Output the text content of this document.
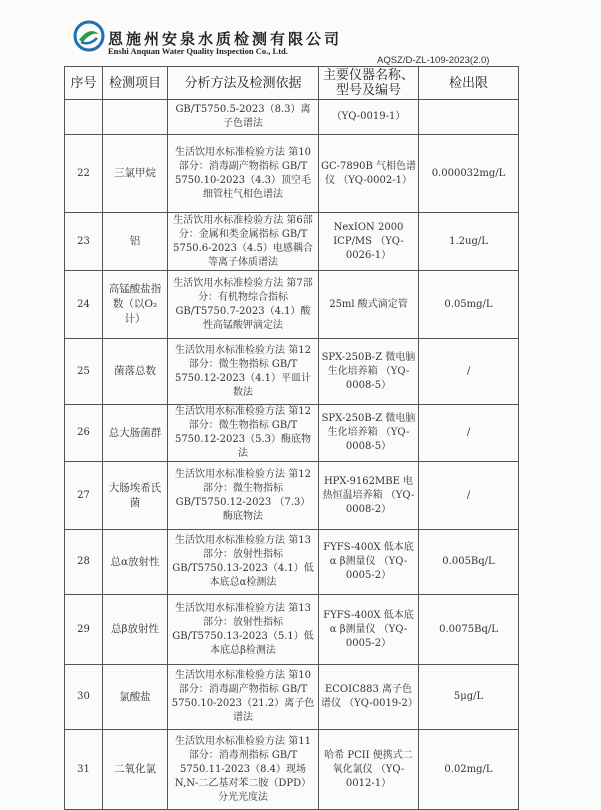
恩施州安泉水质检测有限公司
Enshi Anquan Water Quality Inspection Co., Ltd.
AQSZ/D-ZL-109-2023(2.0)
序号	检测项目	分析方法及检测依据	主要仪器名称、型号及编号	检出限
		GB/T5750.5-2023（8.3）离子色谱法	（YQ-0019-1）	
22	三氯甲烷	生活饮用水标准检验方法 第10部分：消毒副产物指标 GB/T 5750.10-2023（4.3）顶空毛细管柱气相色谱法	GC-7890B 气相色谱仪 （YQ-0002-1）	0.000032mg/L
23	铝	生活饮用水标准检验方法 第6部分：金属和类金属指标 GB/T 5750.6-2023（4.5）电感耦合等离子体质谱法	NexION 2000 ICP/MS （YQ-0026-1）	1.2ug/L
24	高锰酸盐指数（以O₂计）	生活饮用水标准检验方法 第7部分：有机物综合指标 GB/T5750.7-2023（4.1）酸性高锰酸钾滴定法	25ml 酸式滴定管	0.05mg/L
25	菌落总数	生活饮用水标准检验方法 第12部分：微生物指标 GB/T 5750.12-2023（4.1）平皿计数法	SPX-250B-Z 微电脑生化培养箱 （YQ-0008-5）	/
26	总大肠菌群	生活饮用水标准检验方法 第12部分：微生物指标 GB/T 5750.12-2023（5.3）酶底物法	SPX-250B-Z 微电脑生化培养箱 （YQ-0008-5）	/
27	大肠埃希氏菌	生活饮用水标准检验方法 第12部分：微生物指标 GB/T5750.12-2023 （7.3）酶底物法	HPX-9162MBE 电热恒温培养箱 （YQ-0008-2）	/
28	总α放射性	生活饮用水标准检验方法 第13部分：放射性指标 GB/T5750.13-2023（4.1）低本底总α检测法	FYFS-400X 低本底α β测量仪 （YQ-0005-2）	0.005Bq/L
29	总β放射性	生活饮用水标准检验方法 第13部分：放射性指标 GB/T5750.13-2023（5.1）低本底总β检测法	FYFS-400X 低本底α β测量仪 （YQ-0005-2）	0.0075Bq/L
30	氯酸盐	生活饮用水标准检验方法 第10部分：消毒副产物指标 GB/T 5750.10-2023（21.2）离子色谱法	ECOIC883 离子色谱仪 （YQ-0019-2）	5μg/L
31	二氧化氯	生活饮用水标准检验方法 第11部分：消毒剂指标 GB/T 5750.11-2023（8.4）现场N,N-二乙基对苯二胺（DPD）分光光度法	哈希 PCII 便携式二氧化氯仪 （YQ-0012-1）	0.02mg/L
